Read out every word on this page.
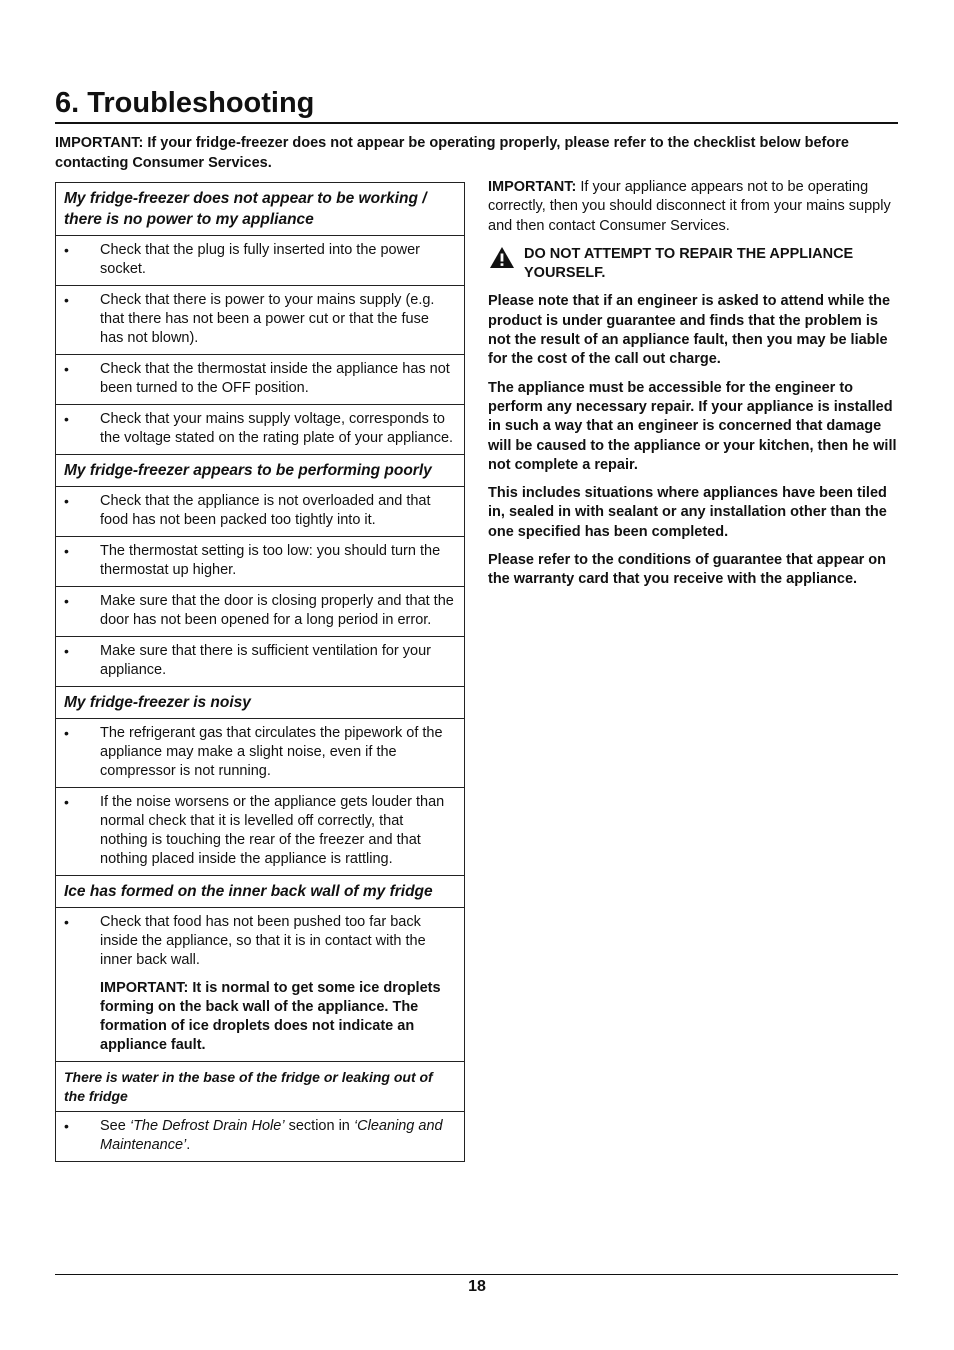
6. Troubleshooting
IMPORTANT: If your fridge-freezer does not appear be operating properly, please refer to the checklist below before contacting Consumer Services.
My fridge-freezer does not appear to be working / there is no power to my appliance
• Check that the plug is fully inserted into the power socket.
• Check that there is power to your mains supply (e.g. that there has not been a power cut or that the fuse has not blown).
• Check that the thermostat inside the appliance has not been turned to the OFF position.
• Check that your mains supply voltage, corresponds to the voltage stated on the rating plate of your appliance.
My fridge-freezer appears to be performing poorly
• Check that the appliance is not overloaded and that food has not been packed too tightly into it.
• The thermostat setting is too low: you should turn the thermostat up higher.
• Make sure that the door is closing properly and that the door has not been opened for a long period in error.
• Make sure that there is sufficient ventilation for your appliance.
My fridge-freezer is noisy
• The refrigerant gas that circulates the pipework of the appliance may make a slight noise, even if the compressor is not running.
• If the noise worsens or the appliance gets louder than normal check that it is levelled off correctly, that nothing is touching the rear of the freezer and that nothing placed inside the appliance is rattling.
Ice has formed on the inner back wall of my fridge
• Check that food has not been pushed too far back inside the appliance, so that it is in contact with the inner back wall.
IMPORTANT: It is normal to get some ice droplets forming on the back wall of the appliance. The formation of ice droplets does not indicate an appliance fault.
There is water in the base of the fridge or leaking out of the fridge
• See ‘The Defrost Drain Hole’ section in ‘Cleaning and Maintenance’.

IMPORTANT: If your appliance appears not to be operating correctly, then you should disconnect it from your mains supply and then contact Consumer Services.

DO NOT ATTEMPT TO REPAIR THE APPLIANCE YOURSELF.

Please note that if an engineer is asked to attend while the product is under guarantee and finds that the problem is not the result of an appliance fault, then you may be liable for the cost of the call out charge.

The appliance must be accessible for the engineer to perform any necessary repair. If your appliance is installed in such a way that an engineer is concerned that damage will be caused to the appliance or your kitchen, then he will not complete a repair.

This includes situations where appliances have been tiled in, sealed in with sealant or any installation other than the one specified has been completed.

Please refer to the conditions of guarantee that appear on the warranty card that you receive with the appliance.

18
